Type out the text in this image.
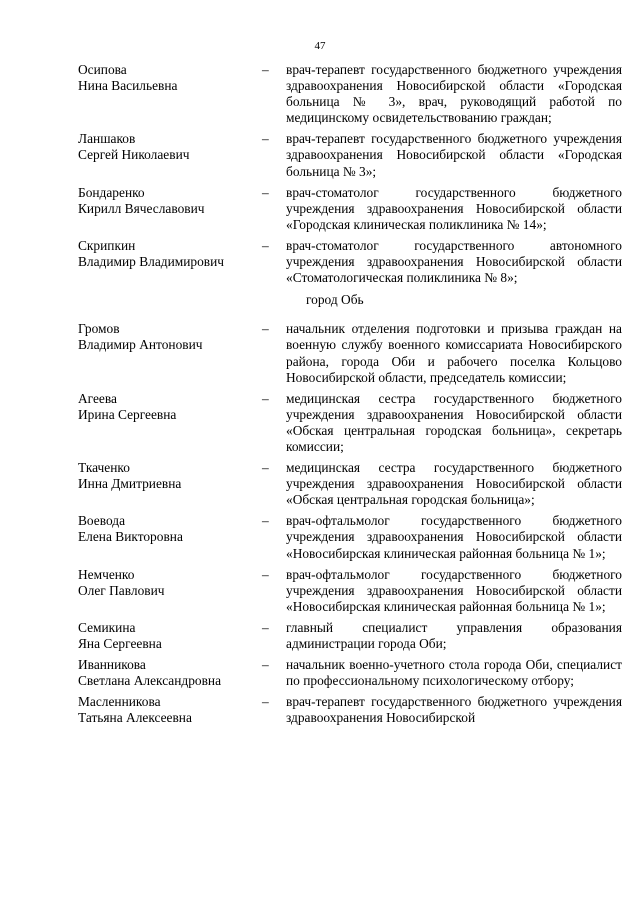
47
Осипова
Нина Васильевна
–	врач-терапевт государственного бюджетного учреждения здравоохранения Новосибирской области «Городская больница № 3», врач, руководящий работой по медицинскому освидетельствованию граждан;
Ланшаков
Сергей Николаевич
–	врач-терапевт государственного бюджетного учреждения здравоохранения Новосибирской области «Городская больница № 3»;
Бондаренко
Кирилл Вячеславович
–	врач-стоматолог государственного бюджетного учреждения здравоохранения Новосибирской области «Городская клиническая поликлиника № 14»;
Скрипкин
Владимир Владимирович
–	врач-стоматолог государственного автономного учреждения здравоохранения Новосибирской области «Стоматологическая поликлиника № 8»;
город Обь
Громов
Владимир Антонович
–	начальник отделения подготовки и призыва граждан на военную службу военного комиссариата Новосибирского района, города Оби и рабочего поселка Кольцово Новосибирской области, председатель комиссии;
Агеева
Ирина Сергеевна
–	медицинская сестра государственного бюджетного учреждения здравоохранения Новосибирской области «Обская центральная городская больница», секретарь комиссии;
Ткаченко
Инна Дмитриевна
–	медицинская сестра государственного бюджетного учреждения здравоохранения Новосибирской области «Обская центральная городская больница»;
Воевода
Елена Викторовна
–	врач-офтальмолог государственного бюджетного учреждения здравоохранения Новосибирской области «Новосибирская клиническая районная больница № 1»;
Немченко
Олег Павлович
–	врач-офтальмолог государственного бюджетного учреждения здравоохранения Новосибирской области «Новосибирская клиническая районная больница № 1»;
Семикина
Яна Сергеевна
–	главный специалист управления образования администрации города Оби;
Иванникова
Светлана Александровна
–	начальник военно-учетного стола города Оби, специалист по профессиональному психологическому отбору;
Масленникова
Татьяна Алексеевна
–	врач-терапевт государственного бюджетного учреждения здравоохранения Новосибирской
